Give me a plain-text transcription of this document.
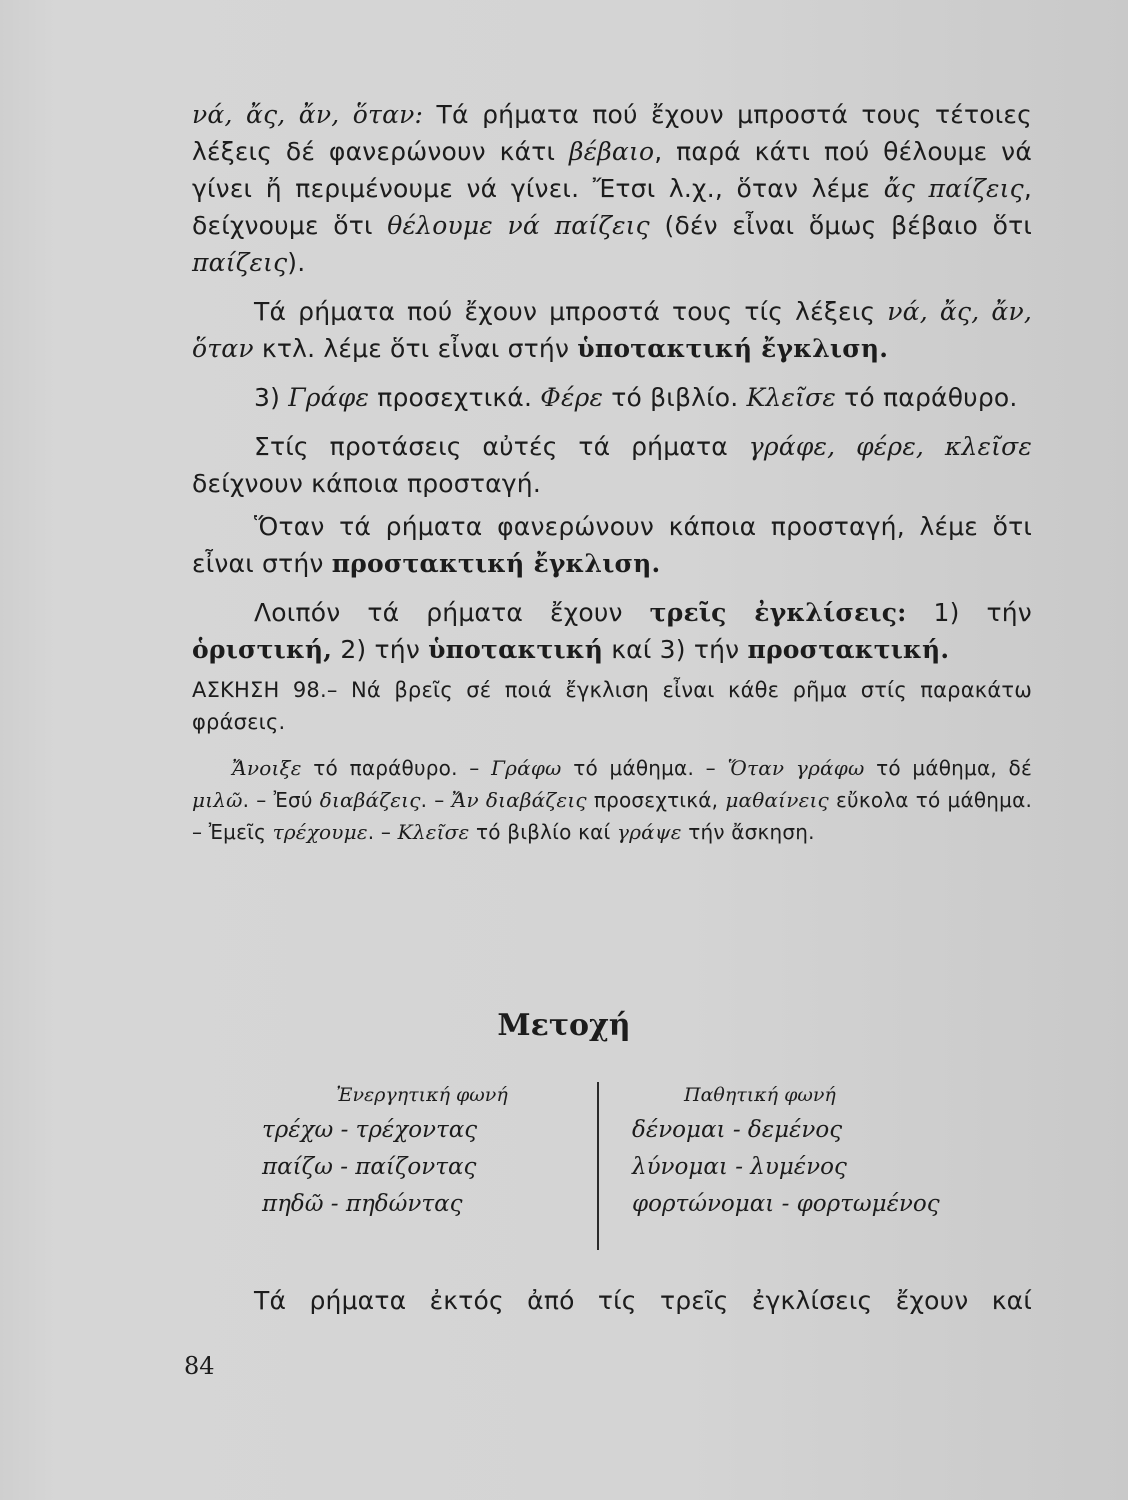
νά, ἄς, ἄν, ὅταν: Τά ρήματα πού ἔχουν μπροστά τους τέτοιες λέξεις δέ φανερώνουν κάτι βέβαιο, παρά κάτι πού θέλουμε νά γίνει ἤ περιμένουμε νά γίνει. Ἔτσι λ.χ., ὅταν λέμε ἄς παίζεις, δείχνουμε ὅτι θέλουμε νά παίζεις (δέν εἶναι ὅμως βέβαιο ὅτι παίζεις).

Τά ρήματα πού ἔχουν μπροστά τους τίς λέξεις νά, ἄς, ἄν, ὅταν κτλ. λέμε ὅτι εἶναι στήν ὑποτακτική ἔγκλιση.

3) Γράφε προσεχτικά. Φέρε τό βιβλίο. Κλεῖσε τό παράθυρο.

Στίς προτάσεις αὐτές τά ρήματα γράφε, φέρε, κλεῖσε δείχνουν κάποια προσταγή.

Ὅταν τά ρήματα φανερώνουν κάποια προσταγή, λέμε ὅτι εἶναι στήν προστακτική ἔγκλιση.

Λοιπόν τά ρήματα ἔχουν τρεῖς ἐγκλίσεις: 1) τήν ὁριστική, 2) τήν ὑποτακτική καί 3) τήν προστακτική.

ΑΣΚΗΣΗ 98.– Νά βρεῖς σέ ποιά ἔγκλιση εἶναι κάθε ρῆμα στίς παρακάτω φράσεις.

Ἄνοιξε τό παράθυρο. – Γράφω τό μάθημα. – Ὅταν γράφω τό μάθημα, δέ μιλῶ. – Ἐσύ διαβάζεις. – Ἄν διαβάζεις προσεχτικά, μαθαίνεις εὔκολα τό μάθημα. – Ἐμεῖς τρέχουμε. – Κλεῖσε τό βιβλίο καί γράψε τήν ἄσκηση.

Μετοχή
Ἐνεργητική φωνή
τρέχω - τρέχοντας
παίζω - παίζοντας
πηδῶ - πηδώντας
Παθητική φωνή
δένομαι - δεμένος
λύνομαι - λυμένος
φορτώνομαι - φορτωμένος

Τά ρήματα ἐκτός ἀπό τίς τρεῖς ἐγκλίσεις ἔχουν καί

84
